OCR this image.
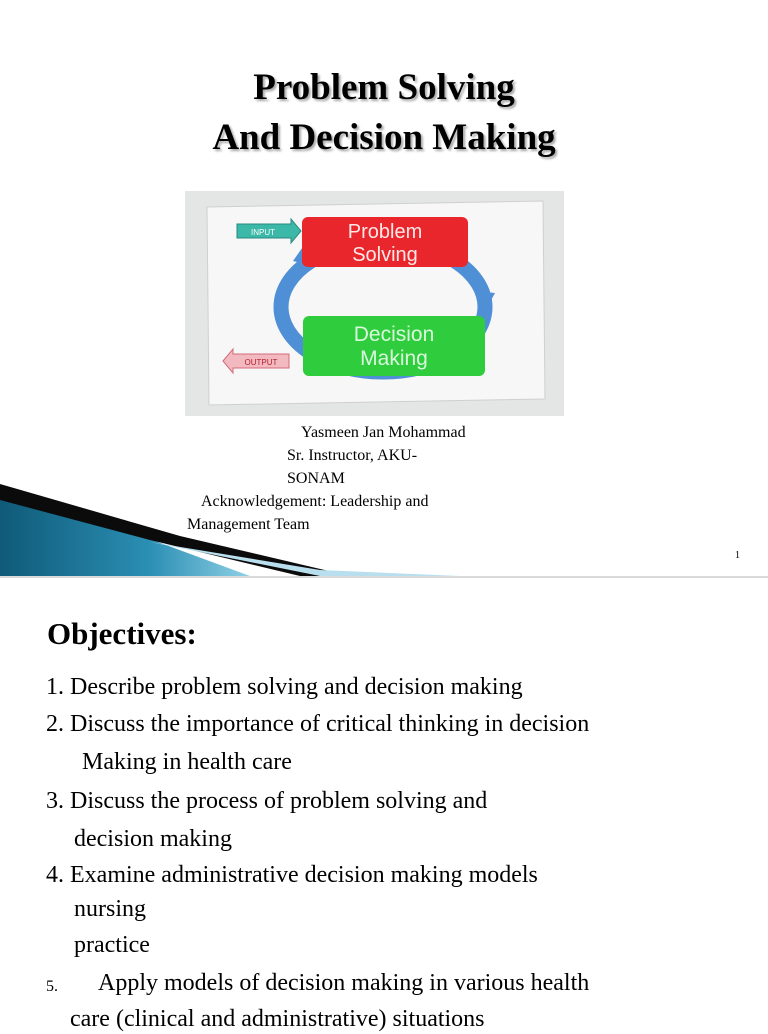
Problem Solving
And Decision Making
Problem
Solving
Decision
Making
INPUT
OUTPUT
Yasmeen Jan Mohammad
Sr. Instructor, AKU-
SONAM
Acknowledgement: Leadership and
Management Team
1
Objectives:
1. Describe problem solving and decision making
2. Discuss the importance of critical thinking in decision
Making in health care
3. Discuss the process of problem solving and
decision making
4. Examine administrative decision making models
nursing
practice
5. Apply models of decision making in various health
care (clinical and administrative) situations
